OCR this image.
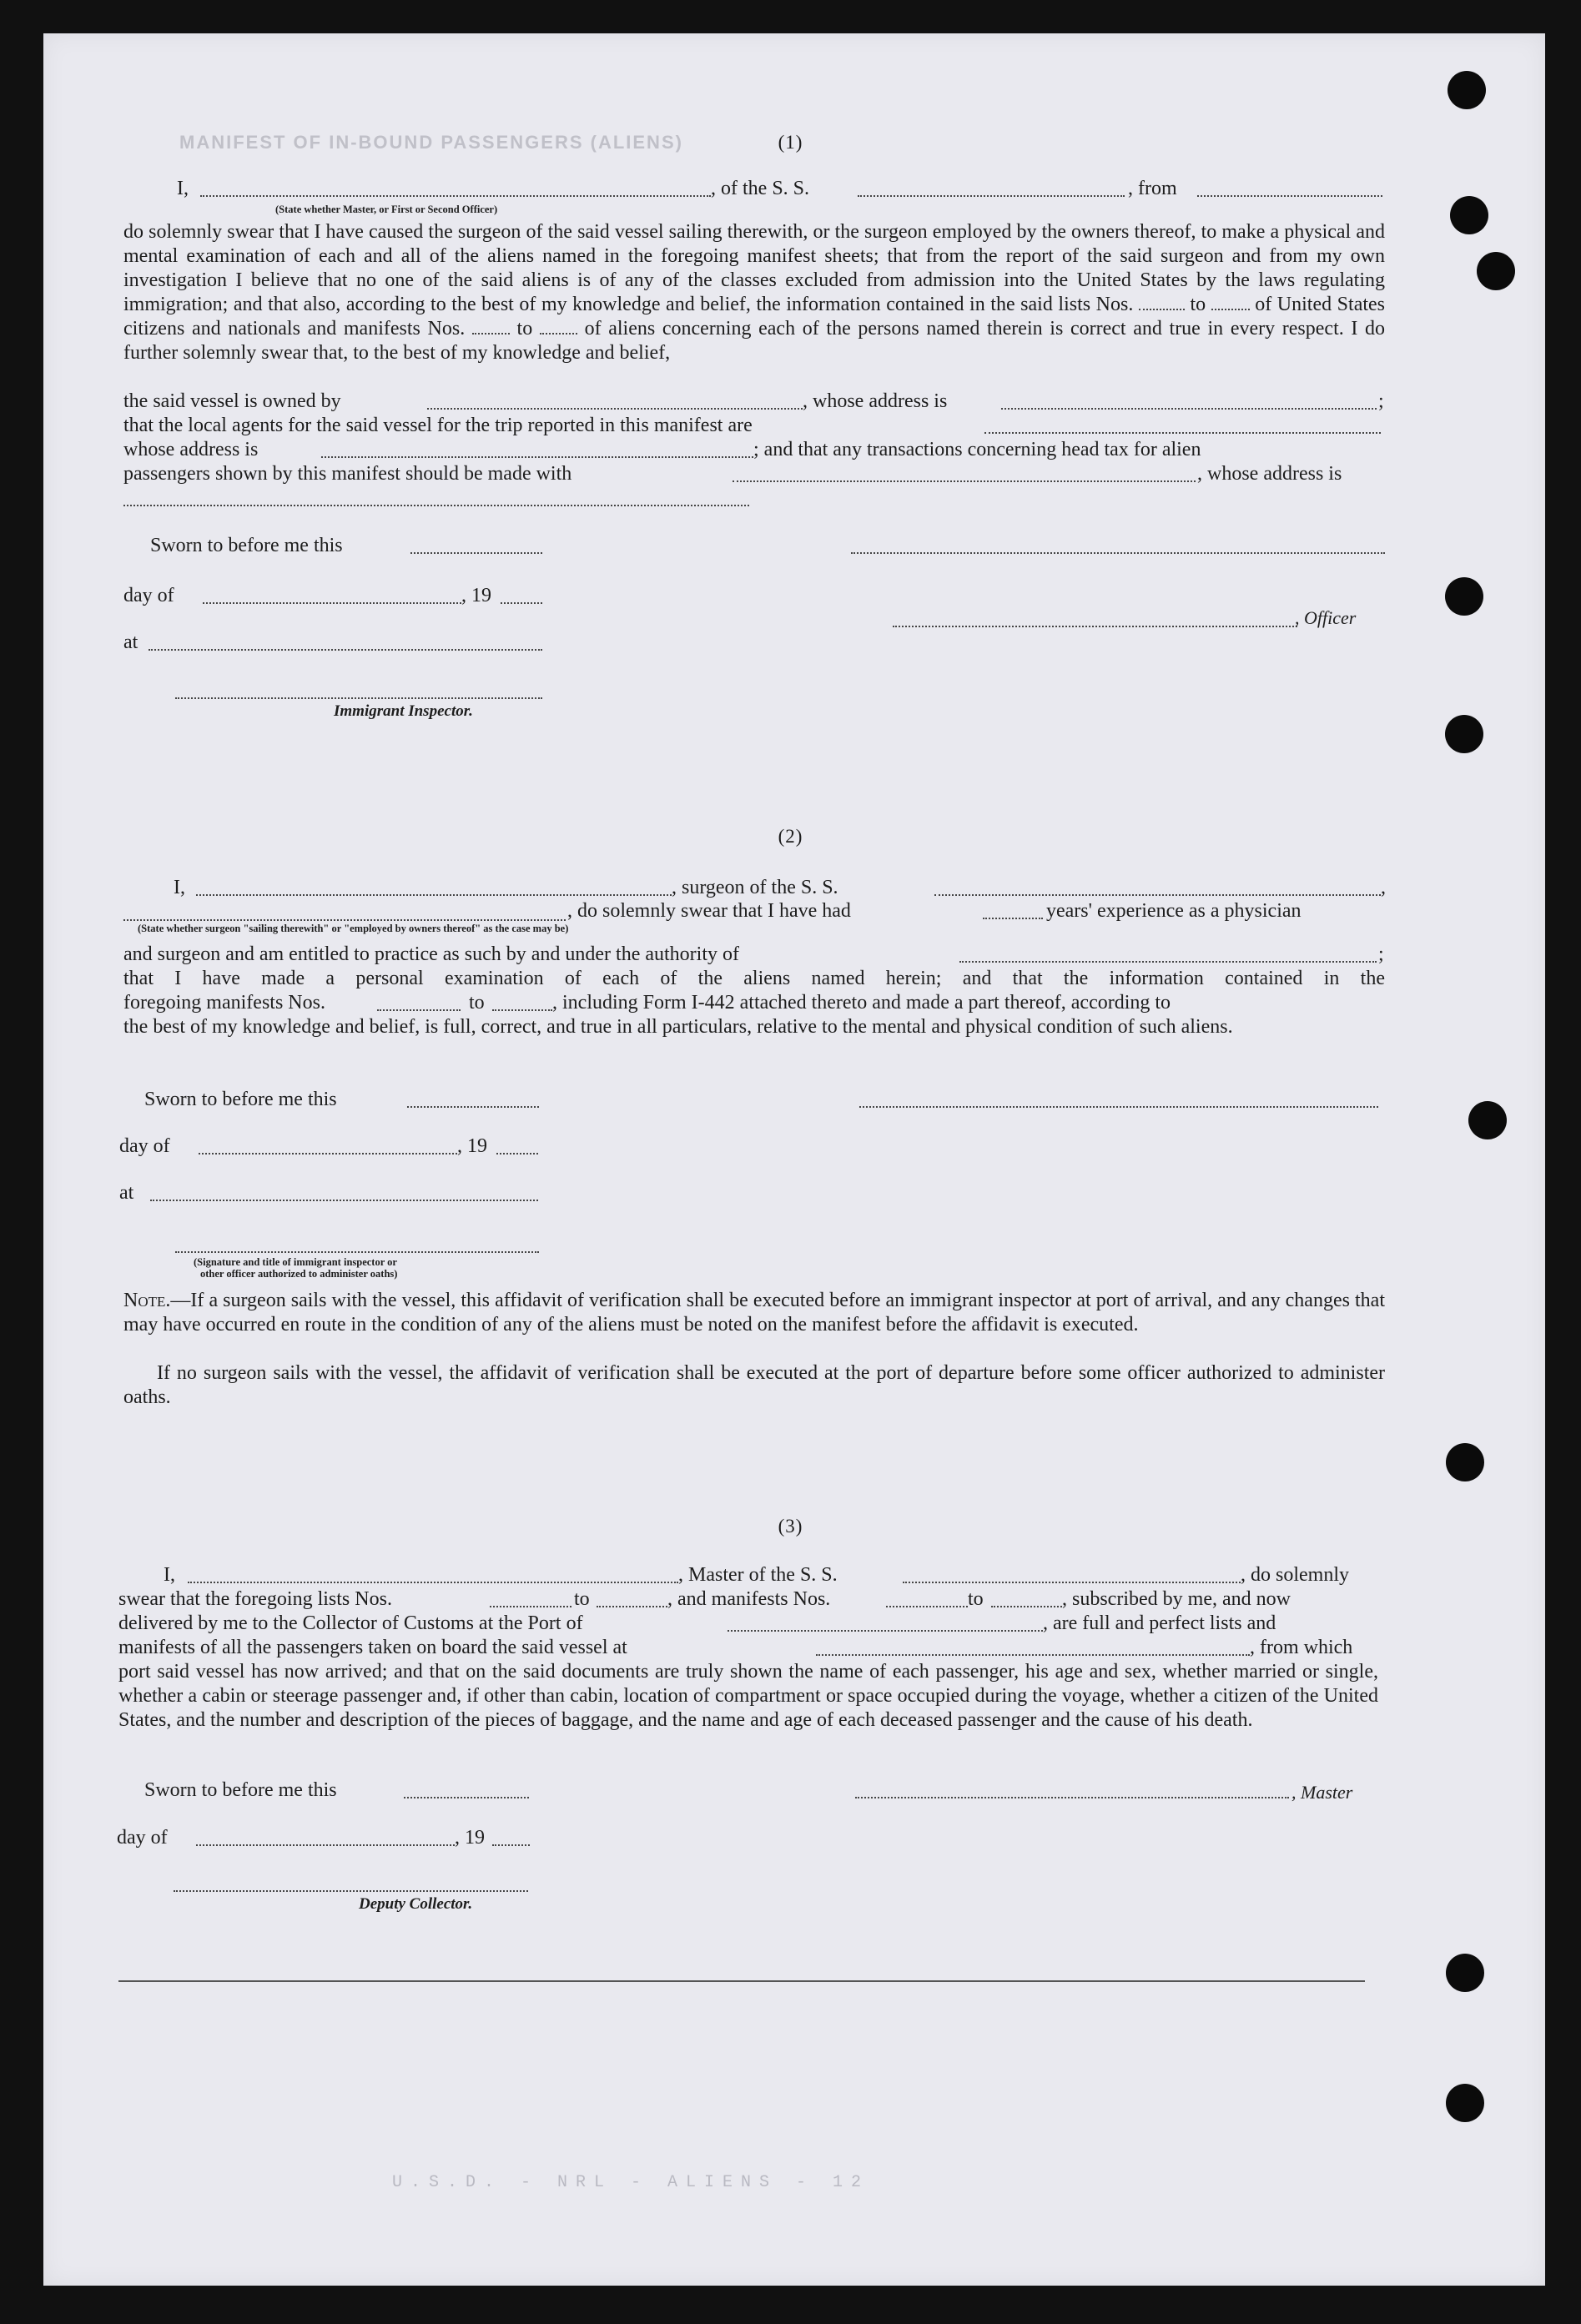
MANIFEST OF IN-BOUND PASSENGERS (ALIENS)
U.S.D. - NRL - ALIENS - 12
(1)
I,	, of the S. S.	, from
(State whether Master, or First or Second Officer)
do solemnly swear that I have caused the surgeon of the said vessel sailing therewith, or the surgeon employed by the owners thereof, to make a physical and mental examination of each and all of the aliens named in the foregoing manifest sheets; that from the report of the said surgeon and from my own investigation I believe that no one of the said aliens is of any of the classes excluded from admission into the United States by the laws regulating immigration; and that also, according to the best of my knowledge and belief, the information contained in the said lists Nos.	to of United States citizens and nationals and manifests Nos.	to	of aliens concerning each of the persons named therein is correct and true in every respect. I do further solemnly swear that, to the best of my knowledge and belief,
the said vessel is owned by	, whose address is	;
that the local agents for the said vessel for the trip reported in this manifest are
whose address is	; and that any transactions concerning head tax for alien
passengers shown by this manifest should be made with	, whose address is
Sworn to before me this
day of	, 19
, Officer
at
Immigrant Inspector.
(2)
I,	, surgeon of the S. S.	,
, do solemnly swear that I have had	years' experience as a physician
(State whether surgeon "sailing therewith" or "employed by owners thereof" as the case may be)
and surgeon and am entitled to practice as such by and under the authority of	;
that I have made a personal examination of each of the aliens named herein; and that the information contained in the
foregoing manifests Nos.	to	, including Form I-442 attached thereto and made a part thereof, according to
the best of my knowledge and belief, is full, correct, and true in all particulars, relative to the mental and physical condition of such aliens.
Sworn to before me this
day of	, 19
at
(Signature and title of immigrant inspector or
other officer authorized to administer oaths)
Note.—If a surgeon sails with the vessel, this affidavit of verification shall be executed before an immigrant inspector at port of arrival, and any changes that may have occurred en route in the condition of any of the aliens must be noted on the manifest before the affidavit is executed.
If no surgeon sails with the vessel, the affidavit of verification shall be executed at the port of departure before some officer authorized to administer oaths.
(3)
I,	, Master of the S. S.	, do solemnly
swear that the foregoing lists Nos.	to	, and manifests Nos.	to	, subscribed by me, and now
delivered by me to the Collector of Customs at the Port of	, are full and perfect lists and
manifests of all the passengers taken on board the said vessel at	, from which
port said vessel has now arrived; and that on the said documents are truly shown the name of each passenger, his age and sex, whether married or single, whether a cabin or steerage passenger and, if other than cabin, location of compartment or space occupied during the voyage, whether a citizen of the United States, and the number and description of the pieces of baggage, and the name and age of each deceased passenger and the cause of his death.
Sworn to before me this	, Master
day of	, 19
Deputy Collector.
